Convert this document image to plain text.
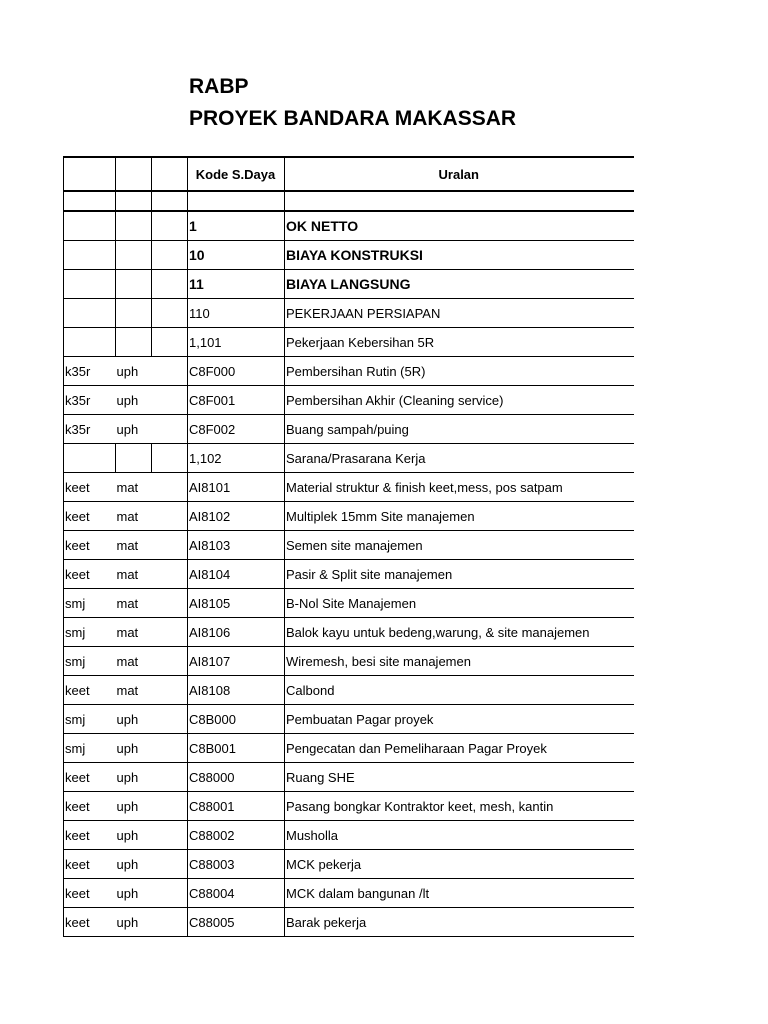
RABP
PROYEK BANDARA MAKASSAR
			Kode S.Daya	Uralan

			1	OK NETTO
			10	BIAYA KONSTRUKSI
			11	BIAYA LANGSUNG
			110	PEKERJAAN PERSIAPAN
			1,101	Pekerjaan Kebersihan 5R
k35r	uph		C8F000	Pembersihan Rutin (5R)
k35r	uph		C8F001	Pembersihan Akhir (Cleaning service)
k35r	uph		C8F002	Buang sampah/puing
			1,102	Sarana/Prasarana Kerja
keet	mat		AI8101	Material struktur & finish keet,mess, pos satpam
keet	mat		AI8102	Multiplek 15mm Site manajemen
keet	mat		AI8103	Semen site manajemen
keet	mat		AI8104	Pasir & Split site manajemen
smj	mat		AI8105	B-Nol Site Manajemen
smj	mat		AI8106	Balok kayu untuk bedeng,warung, & site manajemen
smj	mat		AI8107	Wiremesh, besi site manajemen
keet	mat		AI8108	Calbond
smj	uph		C8B000	Pembuatan Pagar proyek
smj	uph		C8B001	Pengecatan dan Pemeliharaan Pagar Proyek
keet	uph		C88000	Ruang SHE
keet	uph		C88001	Pasang bongkar Kontraktor keet, mesh, kantin
keet	uph		C88002	Musholla
keet	uph		C88003	MCK pekerja
keet	uph		C88004	MCK dalam bangunan /lt
keet	uph		C88005	Barak pekerja
